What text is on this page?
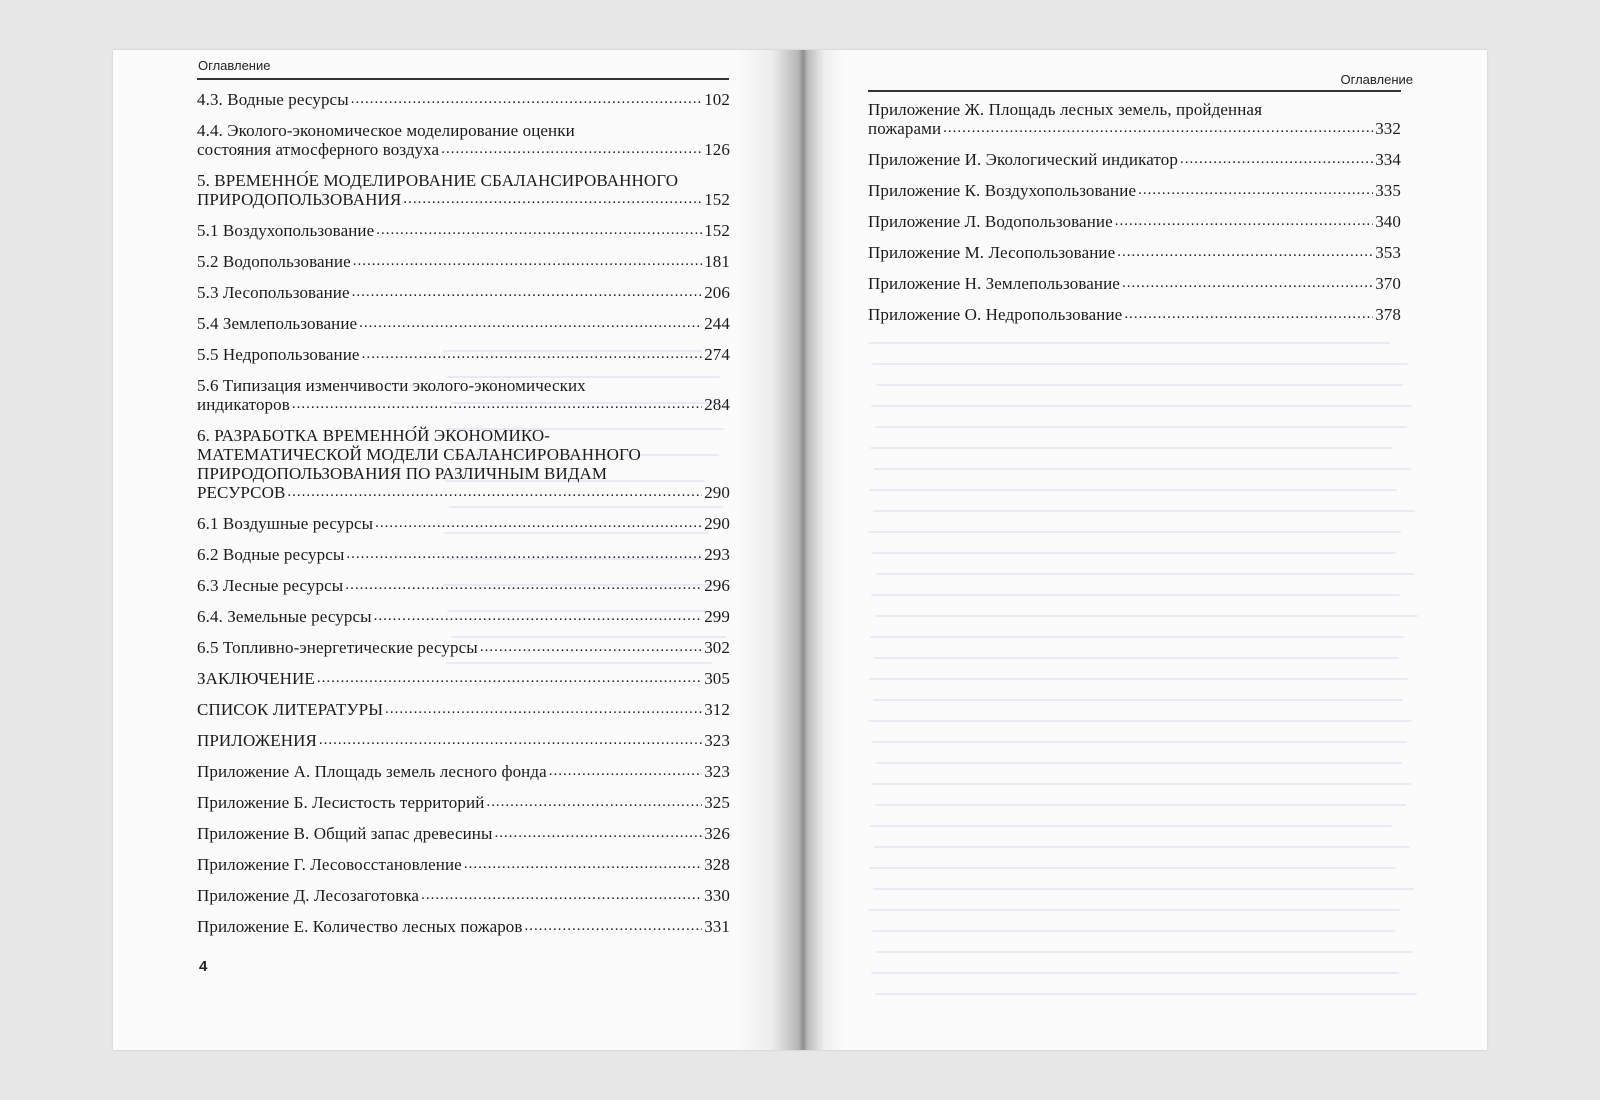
Оглавление
4.3. Водные ресурсы .....	102
4.4. Эколого-экономическое моделирование оценки
состояния атмосферного воздуха .....	126
5. ВРЕМЕННО́Е МОДЕЛИРОВАНИЕ СБАЛАНСИРОВАННОГО
ПРИРОДОПОЛЬЗОВАНИЯ .....	152
5.1 Воздухопользование .....	152
5.2 Водопользование .....	181
5.3 Лесопользование .....	206
5.4 Землепользование .....	244
5.5 Недропользование .....	274
5.6 Типизация изменчивости эколого-экономических
индикаторов .....	284
6. РАЗРАБОТКА ВРЕМЕННО́Й ЭКОНОМИКО-
МАТЕМАТИЧЕСКОЙ МОДЕЛИ СБАЛАНСИРОВАННОГО
ПРИРОДОПОЛЬЗОВАНИЯ ПО РАЗЛИЧНЫМ ВИДАМ
РЕСУРСОВ .....	290
6.1 Воздушные ресурсы .....	290
6.2 Водные ресурсы .....	293
6.3 Лесные ресурсы .....	296
6.4. Земельные ресурсы .....	299
6.5 Топливно-энергетические ресурсы .....	302
ЗАКЛЮЧЕНИЕ .....	305
СПИСОК ЛИТЕРАТУРЫ .....	312
ПРИЛОЖЕНИЯ .....	323
Приложение А. Площадь земель лесного фонда .....	323
Приложение Б. Лесистость территорий .....	325
Приложение В. Общий запас древесины .....	326
Приложение Г. Лесовосстановление .....	328
Приложение Д. Лесозаготовка .....	330
Приложение Е. Количество лесных пожаров .....	331
4
Оглавление
Приложение Ж. Площадь лесных земель, пройденная
пожарами .....	332
Приложение И. Экологический индикатор .....	334
Приложение К. Воздухопользование .....	335
Приложение Л. Водопользование .....	340
Приложение М. Лесопользование .....	353
Приложение Н. Землепользование .....	370
Приложение О. Недропользование .....	378
